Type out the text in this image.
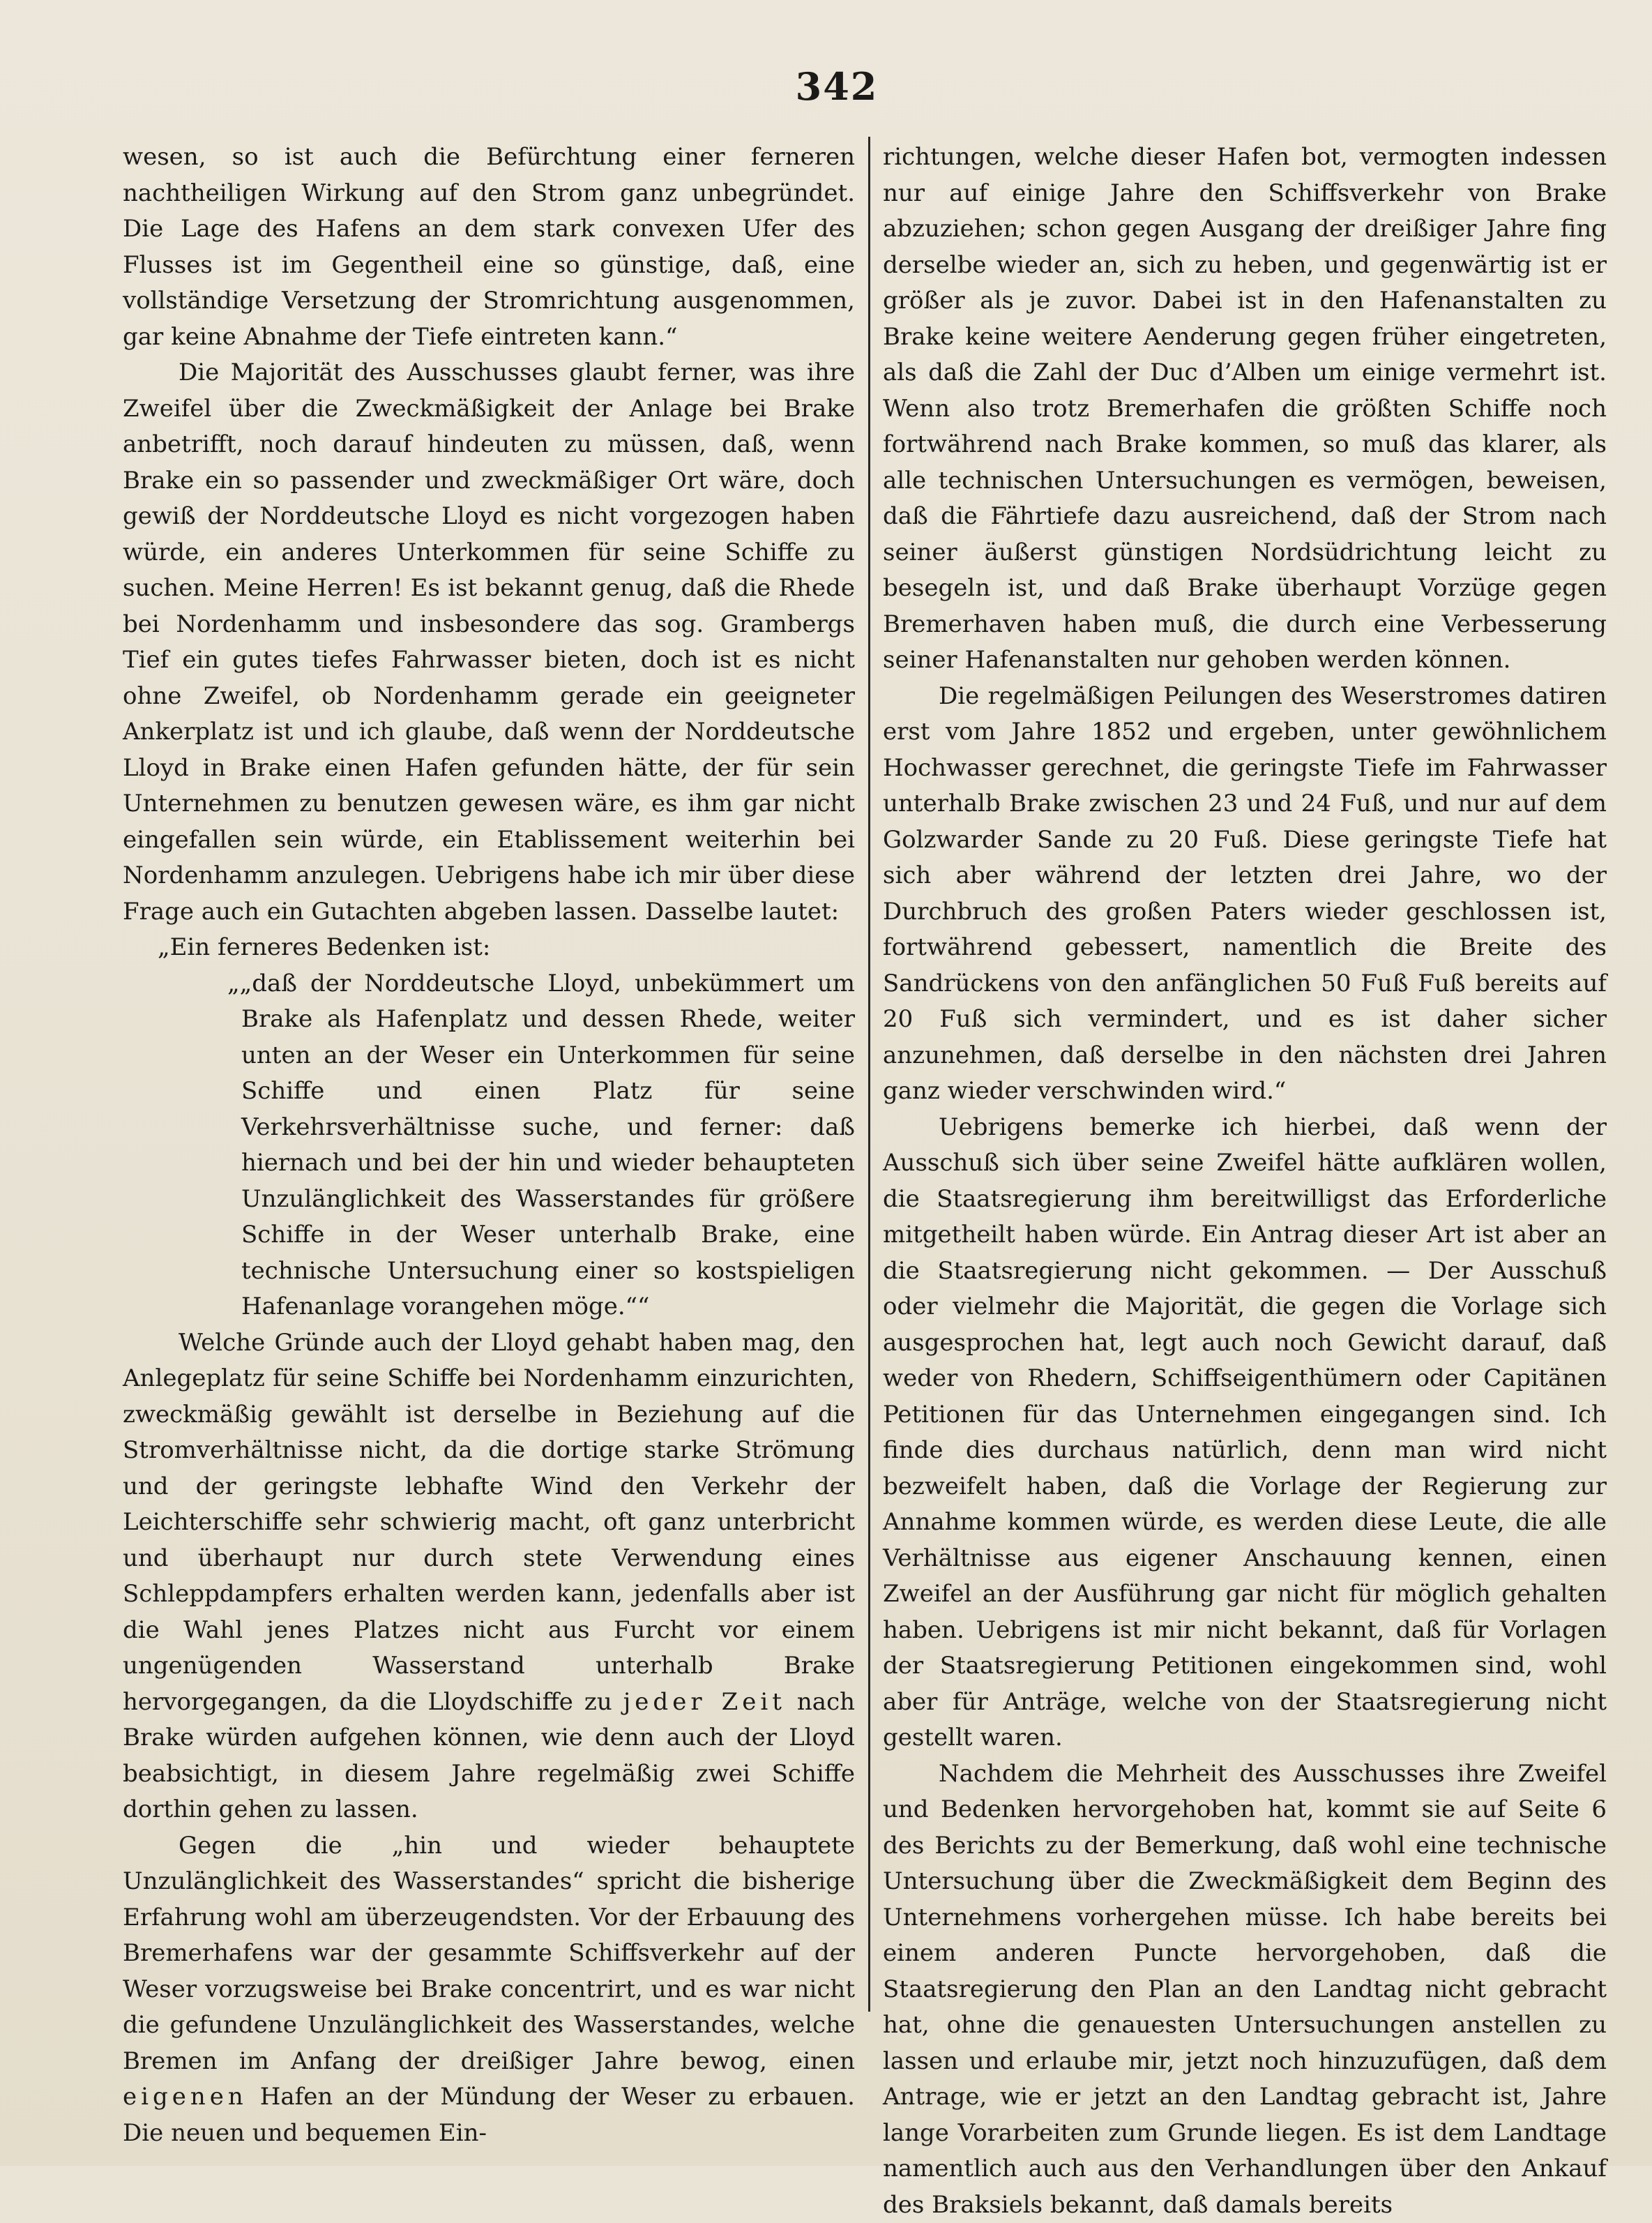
342

wesen, so ist auch die Befürchtung einer ferneren nachtheiligen Wirkung auf den Strom ganz unbegründet. Die Lage des Hafens an dem stark convexen Ufer des Flusses ist im Gegentheil eine so günstige, daß, eine vollständige Versetzung der Stromrichtung ausgenommen, gar keine Abnahme der Tiefe eintreten kann.“

Die Majorität des Ausschusses glaubt ferner, was ihre Zweifel über die Zweckmäßigkeit der Anlage bei Brake anbetrifft, noch darauf hindeuten zu müssen, daß, wenn Brake ein so passender und zweckmäßiger Ort wäre, doch gewiß der Norddeutsche Lloyd es nicht vorgezogen haben würde, ein anderes Unterkommen für seine Schiffe zu suchen. Meine Herren! Es ist bekannt genug, daß die Rhede bei Nordenhamm und insbesondere das sog. Grambergs Tief ein gutes tiefes Fahrwasser bieten, doch ist es nicht ohne Zweifel, ob Nordenhamm gerade ein geeigneter Ankerplatz ist und ich glaube, daß wenn der Norddeutsche Lloyd in Brake einen Hafen gefunden hätte, der für sein Unternehmen zu benutzen gewesen wäre, es ihm gar nicht eingefallen sein würde, ein Etablissement weiterhin bei Nordenhamm anzulegen. Uebrigens habe ich mir über diese Frage auch ein Gutachten abgeben lassen. Dasselbe lautet:

„Ein ferneres Bedenken ist:

„„daß der Norddeutsche Lloyd, unbekümmert um Brake als Hafenplatz und dessen Rhede, weiter unten an der Weser ein Unterkommen für seine Schiffe und einen Platz für seine Verkehrsverhältnisse suche, und ferner: daß hiernach und bei der hin und wieder behaupteten Unzulänglichkeit des Wasserstandes für größere Schiffe in der Weser unterhalb Brake, eine technische Untersuchung einer so kostspieligen Hafenanlage vorangehen möge.““

Welche Gründe auch der Lloyd gehabt haben mag, den Anlegeplatz für seine Schiffe bei Nordenhamm einzurichten, zweckmäßig gewählt ist derselbe in Beziehung auf die Stromverhältnisse nicht, da die dortige starke Strömung und der geringste lebhafte Wind den Verkehr der Leichterschiffe sehr schwierig macht, oft ganz unterbricht und überhaupt nur durch stete Verwendung eines Schleppdampfers erhalten werden kann, jedenfalls aber ist die Wahl jenes Platzes nicht aus Furcht vor einem ungenügenden Wasserstand unterhalb Brake hervorgegangen, da die Lloydschiffe zu jeder Zeit nach Brake würden aufgehen können, wie denn auch der Lloyd beabsichtigt, in diesem Jahre regelmäßig zwei Schiffe dorthin gehen zu lassen.

Gegen die „hin und wieder behauptete Unzulänglichkeit des Wasserstandes“ spricht die bisherige Erfahrung wohl am überzeugendsten. Vor der Erbauung des Bremerhafens war der gesammte Schiffsverkehr auf der Weser vorzugsweise bei Brake concentrirt, und es war nicht die gefundene Unzulänglichkeit des Wasserstandes, welche Bremen im Anfang der dreißiger Jahre bewog, einen eigenen Hafen an der Mündung der Weser zu erbauen. Die neuen und bequemen Ein-

richtungen, welche dieser Hafen bot, vermogten indessen nur auf einige Jahre den Schiffsverkehr von Brake abzuziehen; schon gegen Ausgang der dreißiger Jahre fing derselbe wieder an, sich zu heben, und gegenwärtig ist er größer als je zuvor. Dabei ist in den Hafenanstalten zu Brake keine weitere Aenderung gegen früher eingetreten, als daß die Zahl der Duc d’Alben um einige vermehrt ist. Wenn also trotz Bremerhafen die größten Schiffe noch fortwährend nach Brake kommen, so muß das klarer, als alle technischen Untersuchungen es vermögen, beweisen, daß die Fährtiefe dazu ausreichend, daß der Strom nach seiner äußerst günstigen Nordsüdrichtung leicht zu besegeln ist, und daß Brake überhaupt Vorzüge gegen Bremerhaven haben muß, die durch eine Verbesserung seiner Hafenanstalten nur gehoben werden können.

Die regelmäßigen Peilungen des Weserstromes datiren erst vom Jahre 1852 und ergeben, unter gewöhnlichem Hochwasser gerechnet, die geringste Tiefe im Fahrwasser unterhalb Brake zwischen 23 und 24 Fuß, und nur auf dem Golzwarder Sande zu 20 Fuß. Diese geringste Tiefe hat sich aber während der letzten drei Jahre, wo der Durchbruch des großen Paters wieder geschlossen ist, fortwährend gebessert, namentlich die Breite des Sandrückens von den anfänglichen 50 Fuß Fuß bereits auf 20 Fuß sich vermindert, und es ist daher sicher anzunehmen, daß derselbe in den nächsten drei Jahren ganz wieder verschwinden wird.“

Uebrigens bemerke ich hierbei, daß wenn der Ausschuß sich über seine Zweifel hätte aufklären wollen, die Staatsregierung ihm bereitwilligst das Erforderliche mitgetheilt haben würde. Ein Antrag dieser Art ist aber an die Staatsregierung nicht gekommen. — Der Ausschuß oder vielmehr die Majorität, die gegen die Vorlage sich ausgesprochen hat, legt auch noch Gewicht darauf, daß weder von Rhedern, Schiffseigenthümern oder Capitänen Petitionen für das Unternehmen eingegangen sind. Ich finde dies durchaus natürlich, denn man wird nicht bezweifelt haben, daß die Vorlage der Regierung zur Annahme kommen würde, es werden diese Leute, die alle Verhältnisse aus eigener Anschauung kennen, einen Zweifel an der Ausführung gar nicht für möglich gehalten haben. Uebrigens ist mir nicht bekannt, daß für Vorlagen der Staatsregierung Petitionen eingekommen sind, wohl aber für Anträge, welche von der Staatsregierung nicht gestellt waren.

Nachdem die Mehrheit des Ausschusses ihre Zweifel und Bedenken hervorgehoben hat, kommt sie auf Seite 6 des Berichts zu der Bemerkung, daß wohl eine technische Untersuchung über die Zweckmäßigkeit dem Beginn des Unternehmens vorhergehen müsse. Ich habe bereits bei einem anderen Puncte hervorgehoben, daß die Staatsregierung den Plan an den Landtag nicht gebracht hat, ohne die genauesten Untersuchungen anstellen zu lassen und erlaube mir, jetzt noch hinzuzufügen, daß dem Antrage, wie er jetzt an den Landtag gebracht ist, Jahre lange Vorarbeiten zum Grunde liegen. Es ist dem Landtage namentlich auch aus den Verhandlungen über den Ankauf des Braksiels bekannt, daß damals bereits
